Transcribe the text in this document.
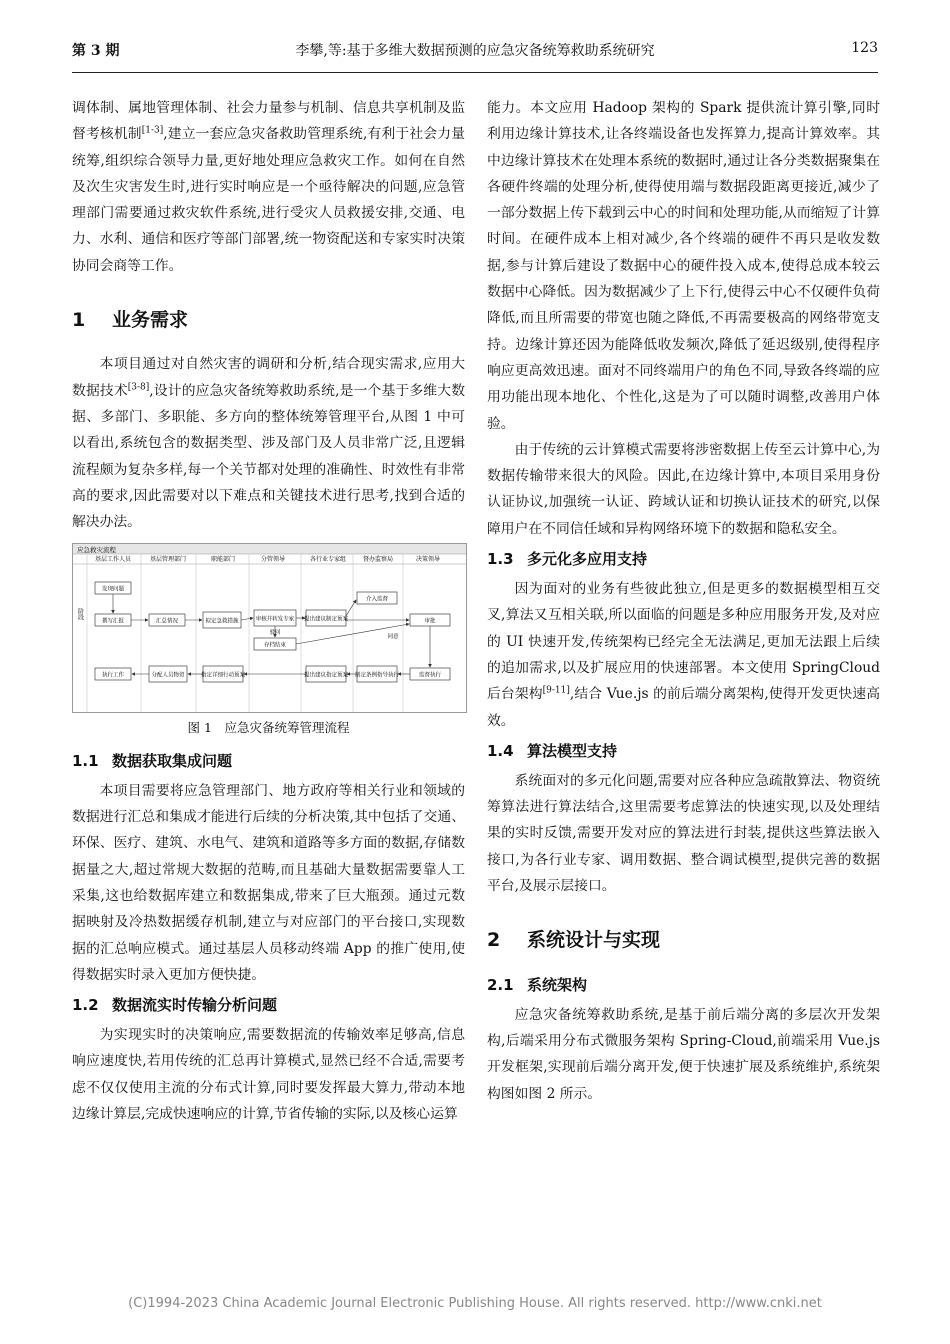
第 3 期	李攀,等:基于多维大数据预测的应急灾备统筹救助系统研究	123

调体制、属地管理体制、社会力量参与机制、信息共享机制及监督考核机制[1-3],建立一套应急灾备救助管理系统,有利于社会力量统筹,组织综合领导力量,更好地处理应急救灾工作。如何在自然及次生灾害发生时,进行实时响应是一个亟待解决的问题,应急管理部门需要通过救灾软件系统,进行受灾人员救援安排,交通、电力、水利、通信和医疗等部门部署,统一物资配送和专家实时决策协同会商等工作。

1 业务需求

本项目通过对自然灾害的调研和分析,结合现实需求,应用大数据技术[3-8],设计的应急灾备统筹救助系统,是一个基于多维大数据、多部门、多职能、多方向的整体统筹管理平台,从图 1 中可以看出,系统包含的数据类型、涉及部门及人员非常广泛,且逻辑流程颇为复杂多样,每一个关节都对处理的准确性、时效性有非常高的要求,因此需要对以下难点和关键技术进行思考,找到合适的解决办法。

应急救灾流程
基层工作人员	基层管理部门	职能部门	分管领导	各行业专家组	督办监察局	决策领导
阶段
发现问题
撰写汇报	汇总情况	拟定急救措施	审核并转发专家
存档结束
提出建议制定预案
介入监督
审批
执行工作	分配人员物资	指定详细行动预案	提出建议指定预案 制定条例指导执行	监督执行
驳回
同意
图 1　应急灾备统筹管理流程
1.1 数据获取集成问题

本项目需要将应急管理部门、地方政府等相关行业和领域的数据进行汇总和集成才能进行后续的分析决策,其中包括了交通、环保、医疗、建筑、水电气、建筑和道路等多方面的数据,存储数据量之大,超过常规大数据的范畴,而且基础大量数据需要靠人工采集,这也给数据库建立和数据集成,带来了巨大瓶颈。通过元数据映射及冷热数据缓存机制,建立与对应部门的平台接口,实现数据的汇总响应模式。通过基层人员移动终端 App 的推广使用,使得数据实时录入更加方便快捷。

1.2 数据流实时传输分析问题

为实现实时的决策响应,需要数据流的传输效率足够高,信息响应速度快,若用传统的汇总再计算模式,显然已经不合适,需要考虑不仅仅使用主流的分布式计算,同时要发挥最大算力,带动本地边缘计算层,完成快速响应的计算,节省传输的实际,以及核心运算

能力。本文应用 Hadoop 架构的 Spark 提供流计算引擎,同时利用边缘计算技术,让各终端设备也发挥算力,提高计算效率。其中边缘计算技术在处理本系统的数据时,通过让各分类数据聚集在各硬件终端的处理分析,使得使用端与数据段距离更接近,减少了一部分数据上传下载到云中心的时间和处理功能,从而缩短了计算时间。在硬件成本上相对减少,各个终端的硬件不再只是收发数据,参与计算后建设了数据中心的硬件投入成本,使得总成本较云数据中心降低。因为数据减少了上下行,使得云中心不仅硬件负荷降低,而且所需要的带宽也随之降低,不再需要极高的网络带宽支持。边缘计算还因为能降低收发频次,降低了延迟级别,使得程序响应更高效迅速。面对不同终端用户的角色不同,导致各终端的应用功能出现本地化、个性化,这是为了可以随时调整,改善用户体验。

由于传统的云计算模式需要将涉密数据上传至云计算中心,为数据传输带来很大的风险。因此,在边缘计算中,本项目采用身份认证协议,加强统一认证、跨域认证和切换认证技术的研究,以保障用户在不同信任域和异构网络环境下的数据和隐私安全。

1.3 多元化多应用支持

因为面对的业务有些彼此独立,但是更多的数据模型相互交叉,算法又互相关联,所以面临的问题是多种应用服务开发,及对应的 UI 快速开发,传统架构已经完全无法满足,更加无法跟上后续的追加需求,以及扩展应用的快速部署。本文使用 SpringCloud 后台架构[9-11],结合 Vue.js 的前后端分离架构,使得开发更快速高效。

1.4 算法模型支持

系统面对的多元化问题,需要对应各种应急疏散算法、物资统筹算法进行算法结合,这里需要考虑算法的快速实现,以及处理结果的实时反馈,需要开发对应的算法进行封装,提供这些算法嵌入接口,为各行业专家、调用数据、整合调试模型,提供完善的数据平台,及展示层接口。

2 系统设计与实现
2.1 系统架构

应急灾备统筹救助系统,是基于前后端分离的多层次开发架构,后端采用分布式微服务架构 Spring-Cloud,前端采用 Vue.js 开发框架,实现前后端分离开发,便于快速扩展及系统维护,系统架构图如图 2 所示。

(C)1994-2023 China Academic Journal Electronic Publishing House. All rights reserved. http://www.cnki.net
